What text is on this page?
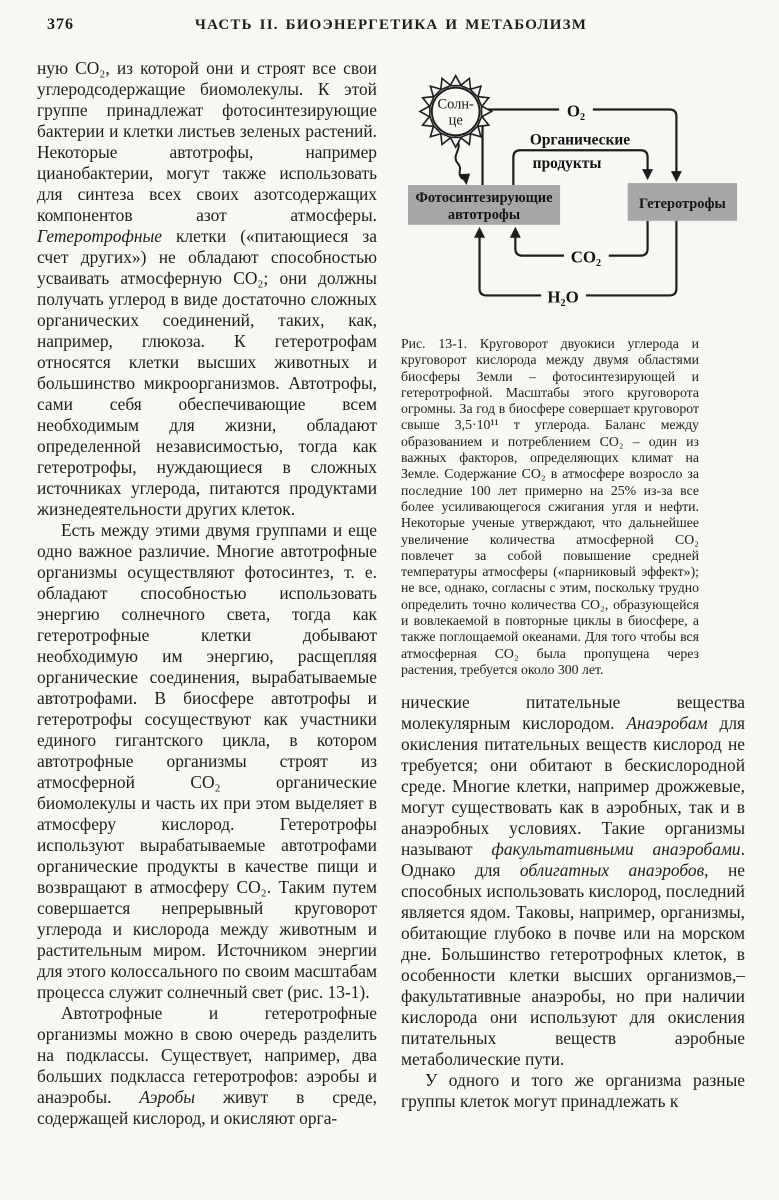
376	ЧАСТЬ II. БИОЭНЕРГЕТИКА И МЕТАБОЛИЗМ

ную CO₂, из которой они и строят все свои углеродсодержащие биомолекулы. К этой группе принадлежат фотосинтезирующие бактерии и клетки листьев зеленых растений. Некоторые автотрофы, например цианобактерии, могут также использовать для синтеза всех своих азотсодержащих компонентов азот атмосферы. Гетеротрофные клетки («питающиеся за счет других») не обладают способностью усваивать атмосферную CO₂; они должны получать углерод в виде достаточно сложных органических соединений, таких, как, например, глюкоза. К гетеротрофам относятся клетки высших животных и большинство микроорганизмов. Автотрофы, сами себя обеспечивающие всем необходимым для жизни, обладают определенной независимостью, тогда как гетеротрофы, нуждающиеся в сложных источниках углерода, питаются продуктами жизнедеятельности других клеток.

Есть между этими двумя группами и еще одно важное различие. Многие автотрофные организмы осуществляют фотосинтез, т. е. обладают способностью использовать энергию солнечного света, тогда как гетеротрофные клетки добывают необходимую им энергию, расщепляя органические соединения, вырабатываемые автотрофами. В биосфере автотрофы и гетеротрофы сосуществуют как участники единого гигантского цикла, в котором автотрофные организмы строят из атмосферной CO₂ органические биомолекулы и часть их при этом выделяет в атмосферу кислород. Гетеротрофы используют вырабатываемые автотрофами органические продукты в качестве пищи и возвращают в атмосферу CO₂. Таким путем совершается непрерывный круговорот углерода и кислорода между животным и растительным миром. Источником энергии для этого колоссального по своим масштабам процесса служит солнечный свет (рис. 13-1).

Автотрофные и гетеротрофные организмы можно в свою очередь разделить на подклассы. Существует, например, два больших подкласса гетеротрофов: аэробы и анаэробы. Аэробы живут в среде, содержащей кислород, и окисляют орга-

Солн-
це
Фотосинтезирующие
автотрофы
Гетеротрофы
O₂
Органические
продукты
CO₂
H₂O
Рис. 13-1. Круговорот двуокиси углерода и круговорот кислорода между двумя областями биосферы Земли – фотосинтезирующей и гетеротрофной. Масштабы этого круговорота огромны. За год в биосфере совершает круговорот свыше 3,5·10¹¹ т углерода. Баланс между образованием и потреблением CO₂ – один из важных факторов, определяющих климат на Земле. Содержание CO₂ в атмосфере возросло за последние 100 лет примерно на 25% из-за все более усиливающегося сжигания угля и нефти. Некоторые ученые утверждают, что дальнейшее увеличение количества атмосферной CO₂ повлечет за собой повышение средней температуры атмосферы («парниковый эффект»); не все, однако, согласны с этим, поскольку трудно определить точно количества CO₂, образующейся и вовлекаемой в повторные циклы в биосфере, а также поглощаемой океанами. Для того чтобы вся атмосферная CO₂ была пропущена через растения, требуется около 300 лет.

нические питательные вещества молекулярным кислородом. Анаэробам для окисления питательных веществ кислород не требуется; они обитают в бескислородной среде. Многие клетки, например дрожжевые, могут существовать как в аэробных, так и в анаэробных условиях. Такие организмы называют факультативными анаэробами. Однако для облигатных анаэробов, не способных использовать кислород, последний является ядом. Таковы, например, организмы, обитающие глубоко в почве или на морском дне. Большинство гетеротрофных клеток, в особенности клетки высших организмов,– факультативные анаэробы, но при наличии кислорода они используют для окисления питательных веществ аэробные метаболические пути.

У одного и того же организма разные группы клеток могут принадлежать к
